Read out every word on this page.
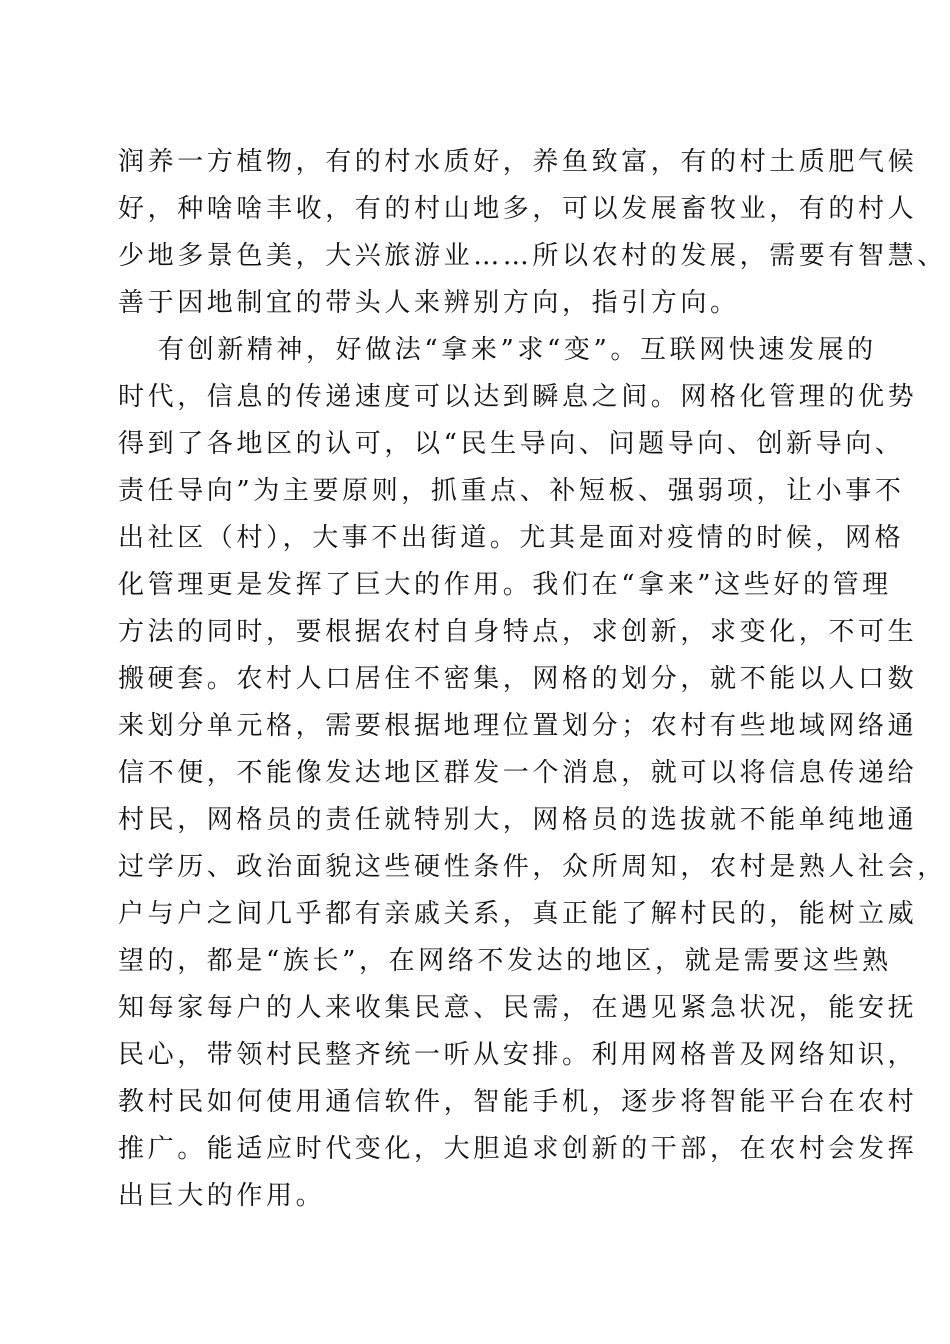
润养一方植物，有的村水质好，养鱼致富，有的村土质肥气候
好，种啥啥丰收，有的村山地多，可以发展畜牧业，有的村人
少地多景色美，大兴旅游业……所以农村的发展，需要有智慧、
善于因地制宜的带头人来辨别方向，指引方向。
有创新精神，好做法“拿来”求“变”。互联网快速发展的
时代，信息的传递速度可以达到瞬息之间。网格化管理的优势
得到了各地区的认可，以“民生导向、问题导向、创新导向、
责任导向”为主要原则，抓重点、补短板、强弱项，让小事不
出社区（村），大事不出街道。尤其是面对疫情的时候，网格
化管理更是发挥了巨大的作用。我们在“拿来”这些好的管理
方法的同时，要根据农村自身特点，求创新，求变化，不可生
搬硬套。农村人口居住不密集，网格的划分，就不能以人口数
来划分单元格，需要根据地理位置划分；农村有些地域网络通
信不便，不能像发达地区群发一个消息，就可以将信息传递给
村民，网格员的责任就特别大，网格员的选拔就不能单纯地通
过学历、政治面貌这些硬性条件，众所周知，农村是熟人社会，
户与户之间几乎都有亲戚关系，真正能了解村民的，能树立威
望的，都是“族长”，在网络不发达的地区，就是需要这些熟
知每家每户的人来收集民意、民需，在遇见紧急状况，能安抚
民心，带领村民整齐统一听从安排。利用网格普及网络知识，
教村民如何使用通信软件，智能手机，逐步将智能平台在农村
推广。能适应时代变化，大胆追求创新的干部，在农村会发挥
出巨大的作用。
